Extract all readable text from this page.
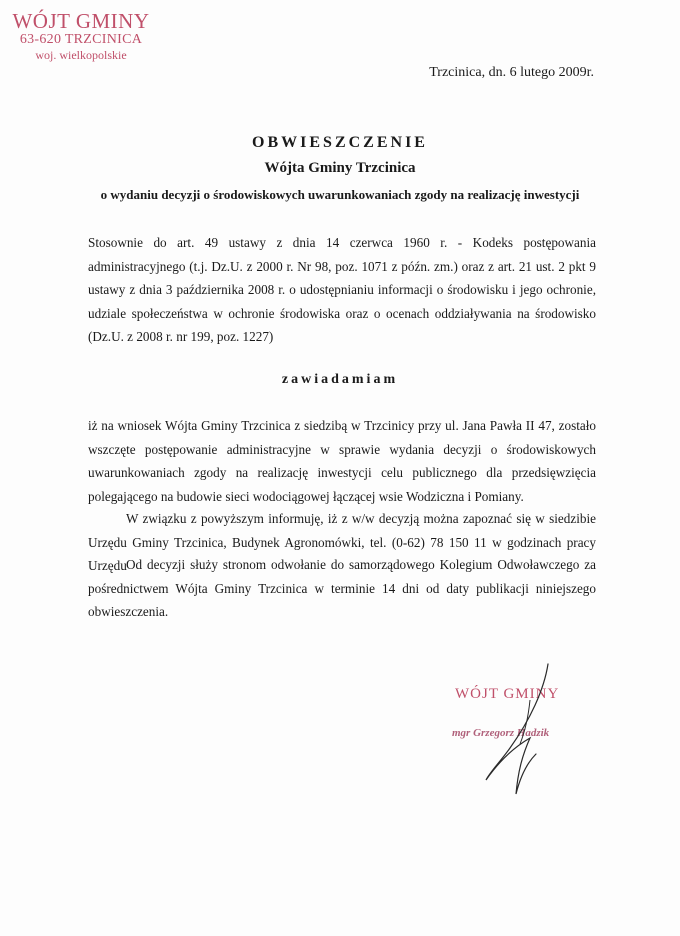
WÓJT GMINY
63-620 TRZCINICA
woj. wielkopolskie
Trzcinica, dn. 6 lutego 2009r.
OBWIESZCZENIE
Wójta Gminy Trzcinica
o wydaniu decyzji o środowiskowych uwarunkowaniach zgody na realizację inwestycji
Stosownie do art. 49 ustawy z dnia 14 czerwca 1960 r. - Kodeks postępowania administracyjnego (t.j. Dz.U. z 2000 r. Nr 98, poz. 1071 z późn. zm.) oraz z art. 21 ust. 2 pkt 9 ustawy z dnia 3 października 2008 r. o udostępnianiu informacji o środowisku i jego ochronie, udziale społeczeństwa w ochronie środowiska oraz o ocenach oddziaływania na środowisko (Dz.U. z 2008 r. nr 199, poz. 1227)
zawiadamiam
iż na wniosek Wójta Gminy Trzcinica z siedzibą w Trzcinicy przy ul. Jana Pawła II 47, zostało wszczęte postępowanie administracyjne w sprawie wydania decyzji o środowiskowych uwarunkowaniach zgody na realizację inwestycji celu publicznego dla przedsięwzięcia polegającego na budowie sieci wodociągowej łączącej wsie Wodziczna i Pomiany.
W związku z powyższym informuję, iż z w/w decyzją można zapoznać się w siedzibie Urzędu Gminy Trzcinica, Budynek Agronomówki, tel. (0-62) 78 150 11 w godzinach pracy Urzędu Od decyzji służy stronom odwołanie do samorządowego Kolegium Odwoławczego za pośrednictwem Wójta Gminy Trzcinica w terminie 14 dni od daty publikacji niniejszego obwieszczenia.
WÓJT GMINY
mgr Grzegorz Hadzik
